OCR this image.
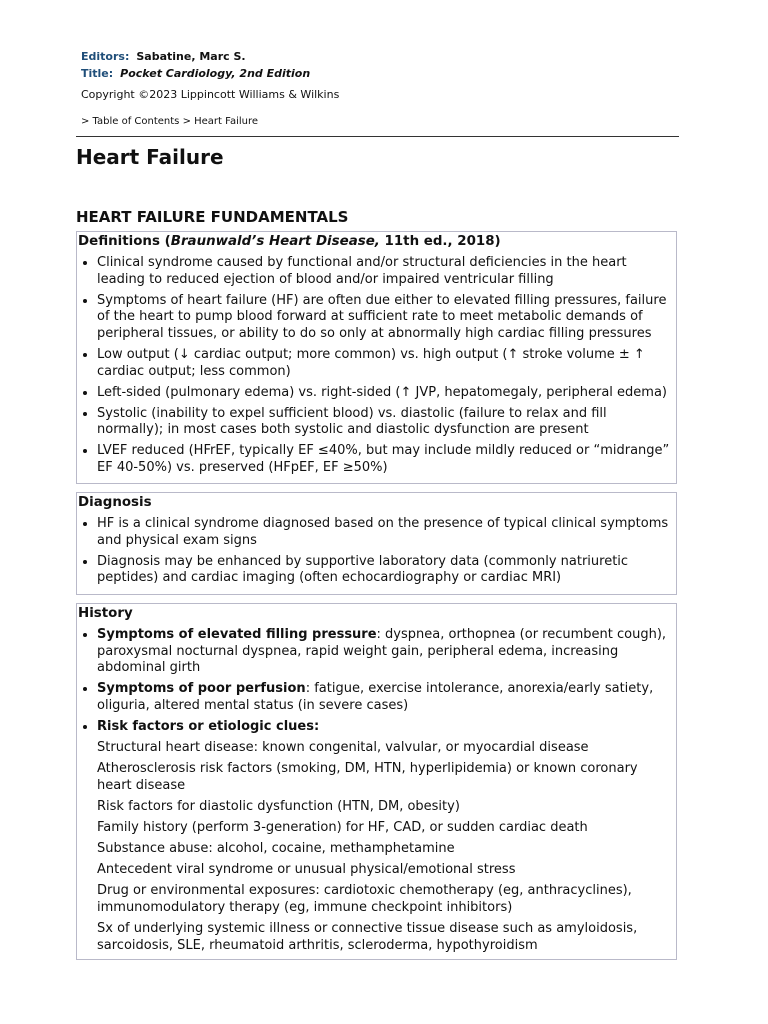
Editors: Sabatine, Marc S.
Title: Pocket Cardiology, 2nd Edition
Copyright ©2023 Lippincott Williams & Wilkins
> Table of Contents > Heart Failure
Heart Failure
HEART FAILURE FUNDAMENTALS
Definitions (Braunwald’s Heart Disease, 11th ed., 2018)
• Clinical syndrome caused by functional and/or structural deficiencies in the heart leading to reduced ejection of blood and/or impaired ventricular filling
• Symptoms of heart failure (HF) are often due either to elevated filling pressures, failure of the heart to pump blood forward at sufficient rate to meet metabolic demands of peripheral tissues, or ability to do so only at abnormally high cardiac filling pressures
• Low output (↓ cardiac output; more common) vs. high output (↑ stroke volume ± ↑ cardiac output; less common)
• Left-sided (pulmonary edema) vs. right-sided (↑ JVP, hepatomegaly, peripheral edema)
• Systolic (inability to expel sufficient blood) vs. diastolic (failure to relax and fill normally); in most cases both systolic and diastolic dysfunction are present
• LVEF reduced (HFrEF, typically EF ≤40%, but may include mildly reduced or “midrange” EF 40-50%) vs. preserved (HFpEF, EF ≥50%)
Diagnosis
• HF is a clinical syndrome diagnosed based on the presence of typical clinical symptoms and physical exam signs
• Diagnosis may be enhanced by supportive laboratory data (commonly natriuretic peptides) and cardiac imaging (often echocardiography or cardiac MRI)
History
• Symptoms of elevated filling pressure: dyspnea, orthopnea (or recumbent cough), paroxysmal nocturnal dyspnea, rapid weight gain, peripheral edema, increasing abdominal girth
• Symptoms of poor perfusion: fatigue, exercise intolerance, anorexia/early satiety, oliguria, altered mental status (in severe cases)
• Risk factors or etiologic clues:
Structural heart disease: known congenital, valvular, or myocardial disease
Atherosclerosis risk factors (smoking, DM, HTN, hyperlipidemia) or known coronary heart disease
Risk factors for diastolic dysfunction (HTN, DM, obesity)
Family history (perform 3-generation) for HF, CAD, or sudden cardiac death
Substance abuse: alcohol, cocaine, methamphetamine
Antecedent viral syndrome or unusual physical/emotional stress
Drug or environmental exposures: cardiotoxic chemotherapy (eg, anthracyclines), immunomodulatory therapy (eg, immune checkpoint inhibitors)
Sx of underlying systemic illness or connective tissue disease such as amyloidosis, sarcoidosis, SLE, rheumatoid arthritis, scleroderma, hypothyroidism
